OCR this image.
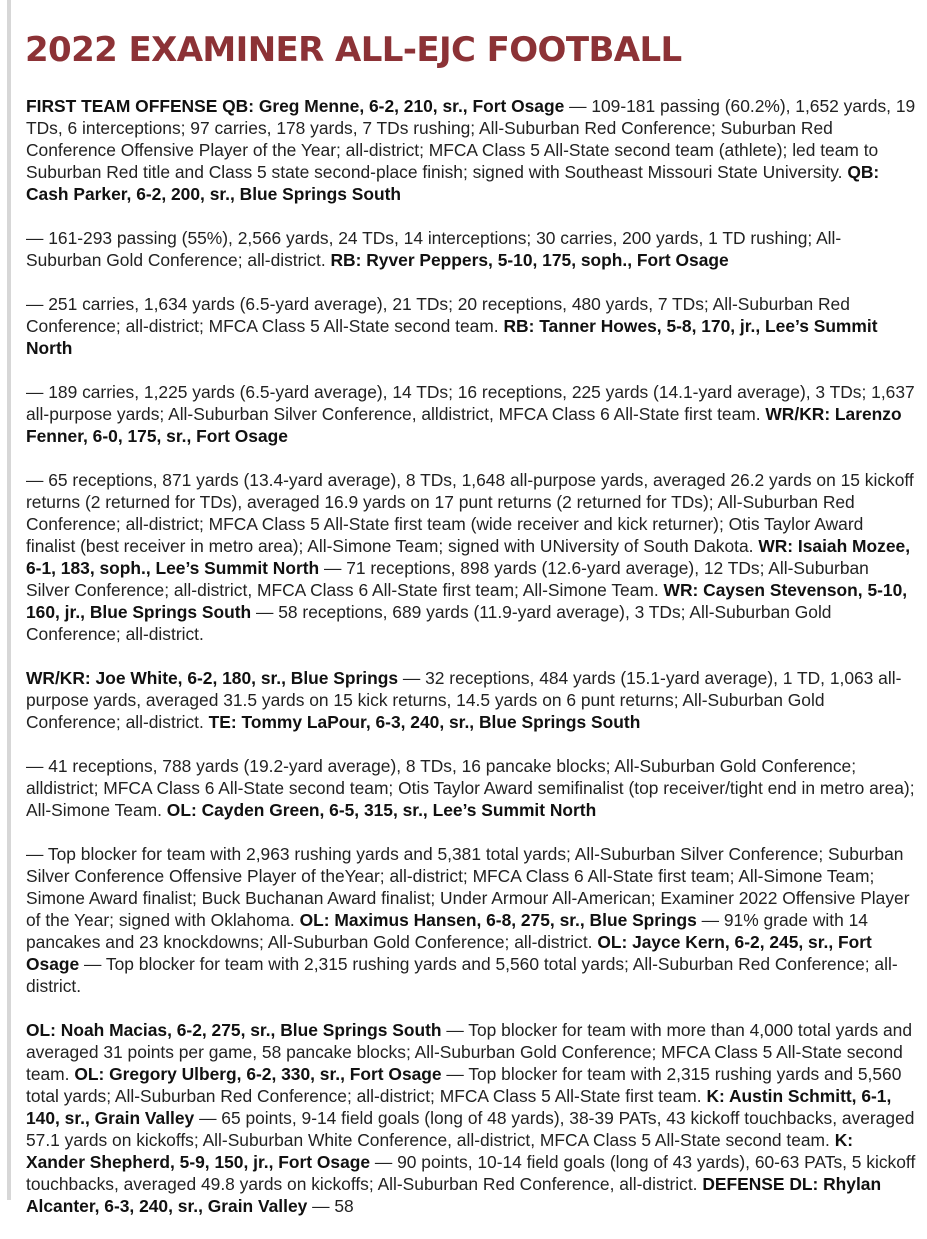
2022 EXAMINER ALL-EJC FOOTBALL

FIRST TEAM OFFENSE QB: Greg Menne, 6-2, 210, sr., Fort Osage — 109-181 passing (60.2%), 1,652 yards, 19 TDs, 6 interceptions; 97 carries, 178 yards, 7 TDs rushing; All-Suburban Red Conference; Suburban Red Conference Offensive Player of the Year; all-district; MFCA Class 5 All-State second team (athlete); led team to Suburban Red title and Class 5 state second-place finish; signed with Southeast Missouri State University. QB: Cash Parker, 6-2, 200, sr., Blue Springs South

— 161-293 passing (55%), 2,566 yards, 24 TDs, 14 interceptions; 30 carries, 200 yards, 1 TD rushing; All-Suburban Gold Conference; all-district. RB: Ryver Peppers, 5-10, 175, soph., Fort Osage

— 251 carries, 1,634 yards (6.5-yard average), 21 TDs; 20 receptions, 480 yards, 7 TDs; All-Suburban Red Conference; all-district; MFCA Class 5 All-State second team. RB: Tanner Howes, 5-8, 170, jr., Lee’s Summit North

— 189 carries, 1,225 yards (6.5-yard average), 14 TDs; 16 receptions, 225 yards (14.1-yard average), 3 TDs; 1,637 all-purpose yards; All-Suburban Silver Conference, alldistrict, MFCA Class 6 All-State first team. WR/KR: Larenzo Fenner, 6-0, 175, sr., Fort Osage

— 65 receptions, 871 yards (13.4-yard average), 8 TDs, 1,648 all-purpose yards, averaged 26.2 yards on 15 kickoff returns (2 returned for TDs), averaged 16.9 yards on 17 punt returns (2 returned for TDs); All-Suburban Red Conference; all-district; MFCA Class 5 All-State first team (wide receiver and kick returner); Otis Taylor Award finalist (best receiver in metro area); All-Simone Team; signed with UNiversity of South Dakota. WR: Isaiah Mozee, 6-1, 183, soph., Lee’s Summit North — 71 receptions, 898 yards (12.6-yard average), 12 TDs; All-Suburban Silver Conference; all-district, MFCA Class 6 All-State first team; All-Simone Team. WR: Caysen Stevenson, 5-10, 160, jr., Blue Springs South — 58 receptions, 689 yards (11.9-yard average), 3 TDs; All-Suburban Gold Conference; all-district.

WR/KR: Joe White, 6-2, 180, sr., Blue Springs — 32 receptions, 484 yards (15.1-yard average), 1 TD, 1,063 all-purpose yards, averaged 31.5 yards on 15 kick returns, 14.5 yards on 6 punt returns; All-Suburban Gold Conference; all-district. TE: Tommy LaPour, 6-3, 240, sr., Blue Springs South

— 41 receptions, 788 yards (19.2-yard average), 8 TDs, 16 pancake blocks; All-Suburban Gold Conference; alldistrict; MFCA Class 6 All-State second team; Otis Taylor Award semifinalist (top receiver/tight end in metro area); All-Simone Team. OL: Cayden Green, 6-5, 315, sr., Lee’s Summit North

— Top blocker for team with 2,963 rushing yards and 5,381 total yards; All-Suburban Silver Conference; Suburban Silver Conference Offensive Player of theYear; all-district; MFCA Class 6 All-State first team; All-Simone Team; Simone Award finalist; Buck Buchanan Award finalist; Under Armour All-American; Examiner 2022 Offensive Player of the Year; signed with Oklahoma. OL: Maximus Hansen, 6-8, 275, sr., Blue Springs — 91% grade with 14 pancakes and 23 knockdowns; All-Suburban Gold Conference; all-district. OL: Jayce Kern, 6-2, 245, sr., Fort Osage — Top blocker for team with 2,315 rushing yards and 5,560 total yards; All-Suburban Red Conference; all-district.

OL: Noah Macias, 6-2, 275, sr., Blue Springs South — Top blocker for team with more than 4,000 total yards and averaged 31 points per game, 58 pancake blocks; All-Suburban Gold Conference; MFCA Class 5 All-State second team. OL: Gregory Ulberg, 6-2, 330, sr., Fort Osage — Top blocker for team with 2,315 rushing yards and 5,560 total yards; All-Suburban Red Conference; all-district; MFCA Class 5 All-State first team. K: Austin Schmitt, 6-1, 140, sr., Grain Valley — 65 points, 9-14 field goals (long of 48 yards), 38-39 PATs, 43 kickoff touchbacks, averaged 57.1 yards on kickoffs; All-Suburban White Conference, all-district, MFCA Class 5 All-State second team. K: Xander Shepherd, 5-9, 150, jr., Fort Osage — 90 points, 10-14 field goals (long of 43 yards), 60-63 PATs, 5 kickoff touchbacks, averaged 49.8 yards on kickoffs; All-Suburban Red Conference, all-district. DEFENSE DL: Rhylan Alcanter, 6-3, 240, sr., Grain Valley — 58
